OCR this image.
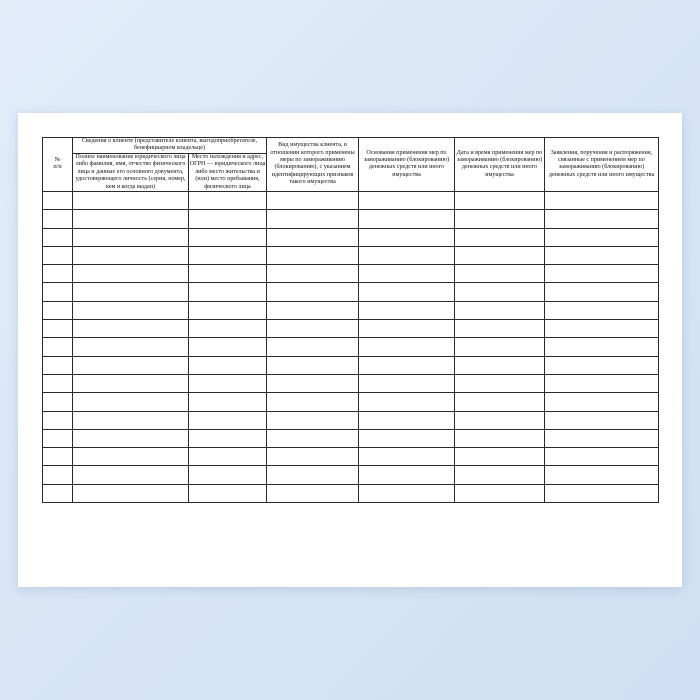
№
п/п	Сведения о клиенте (представителе клиента, выгодоприобретателе, бенефициарном владельце)		Вид имущества клиента, в отношении которого применены меры по замораживанию (блокированию), с указанием идентифицирующих признаков такого имущества	Основания применения мер по замораживанию (блокированию) денежных средств или иного имущества	Дата и время применения мер по замораживанию (блокированию) денежных средств или иного имущества	Заявления, поручения и распоряжения, связанные с применением мер по замораживанию (блокированию) денежных средств или иного имущества
	Полное наименование юридического лица либо фамилия, имя, отчество физического лица и данные его основного документа, удостоверяющего личность (серия, номер, кем и когда выдан)	Место нахождения и адрес, ОГРН — юридического лица либо место жительства и (или) место пребывания, физического лица				
